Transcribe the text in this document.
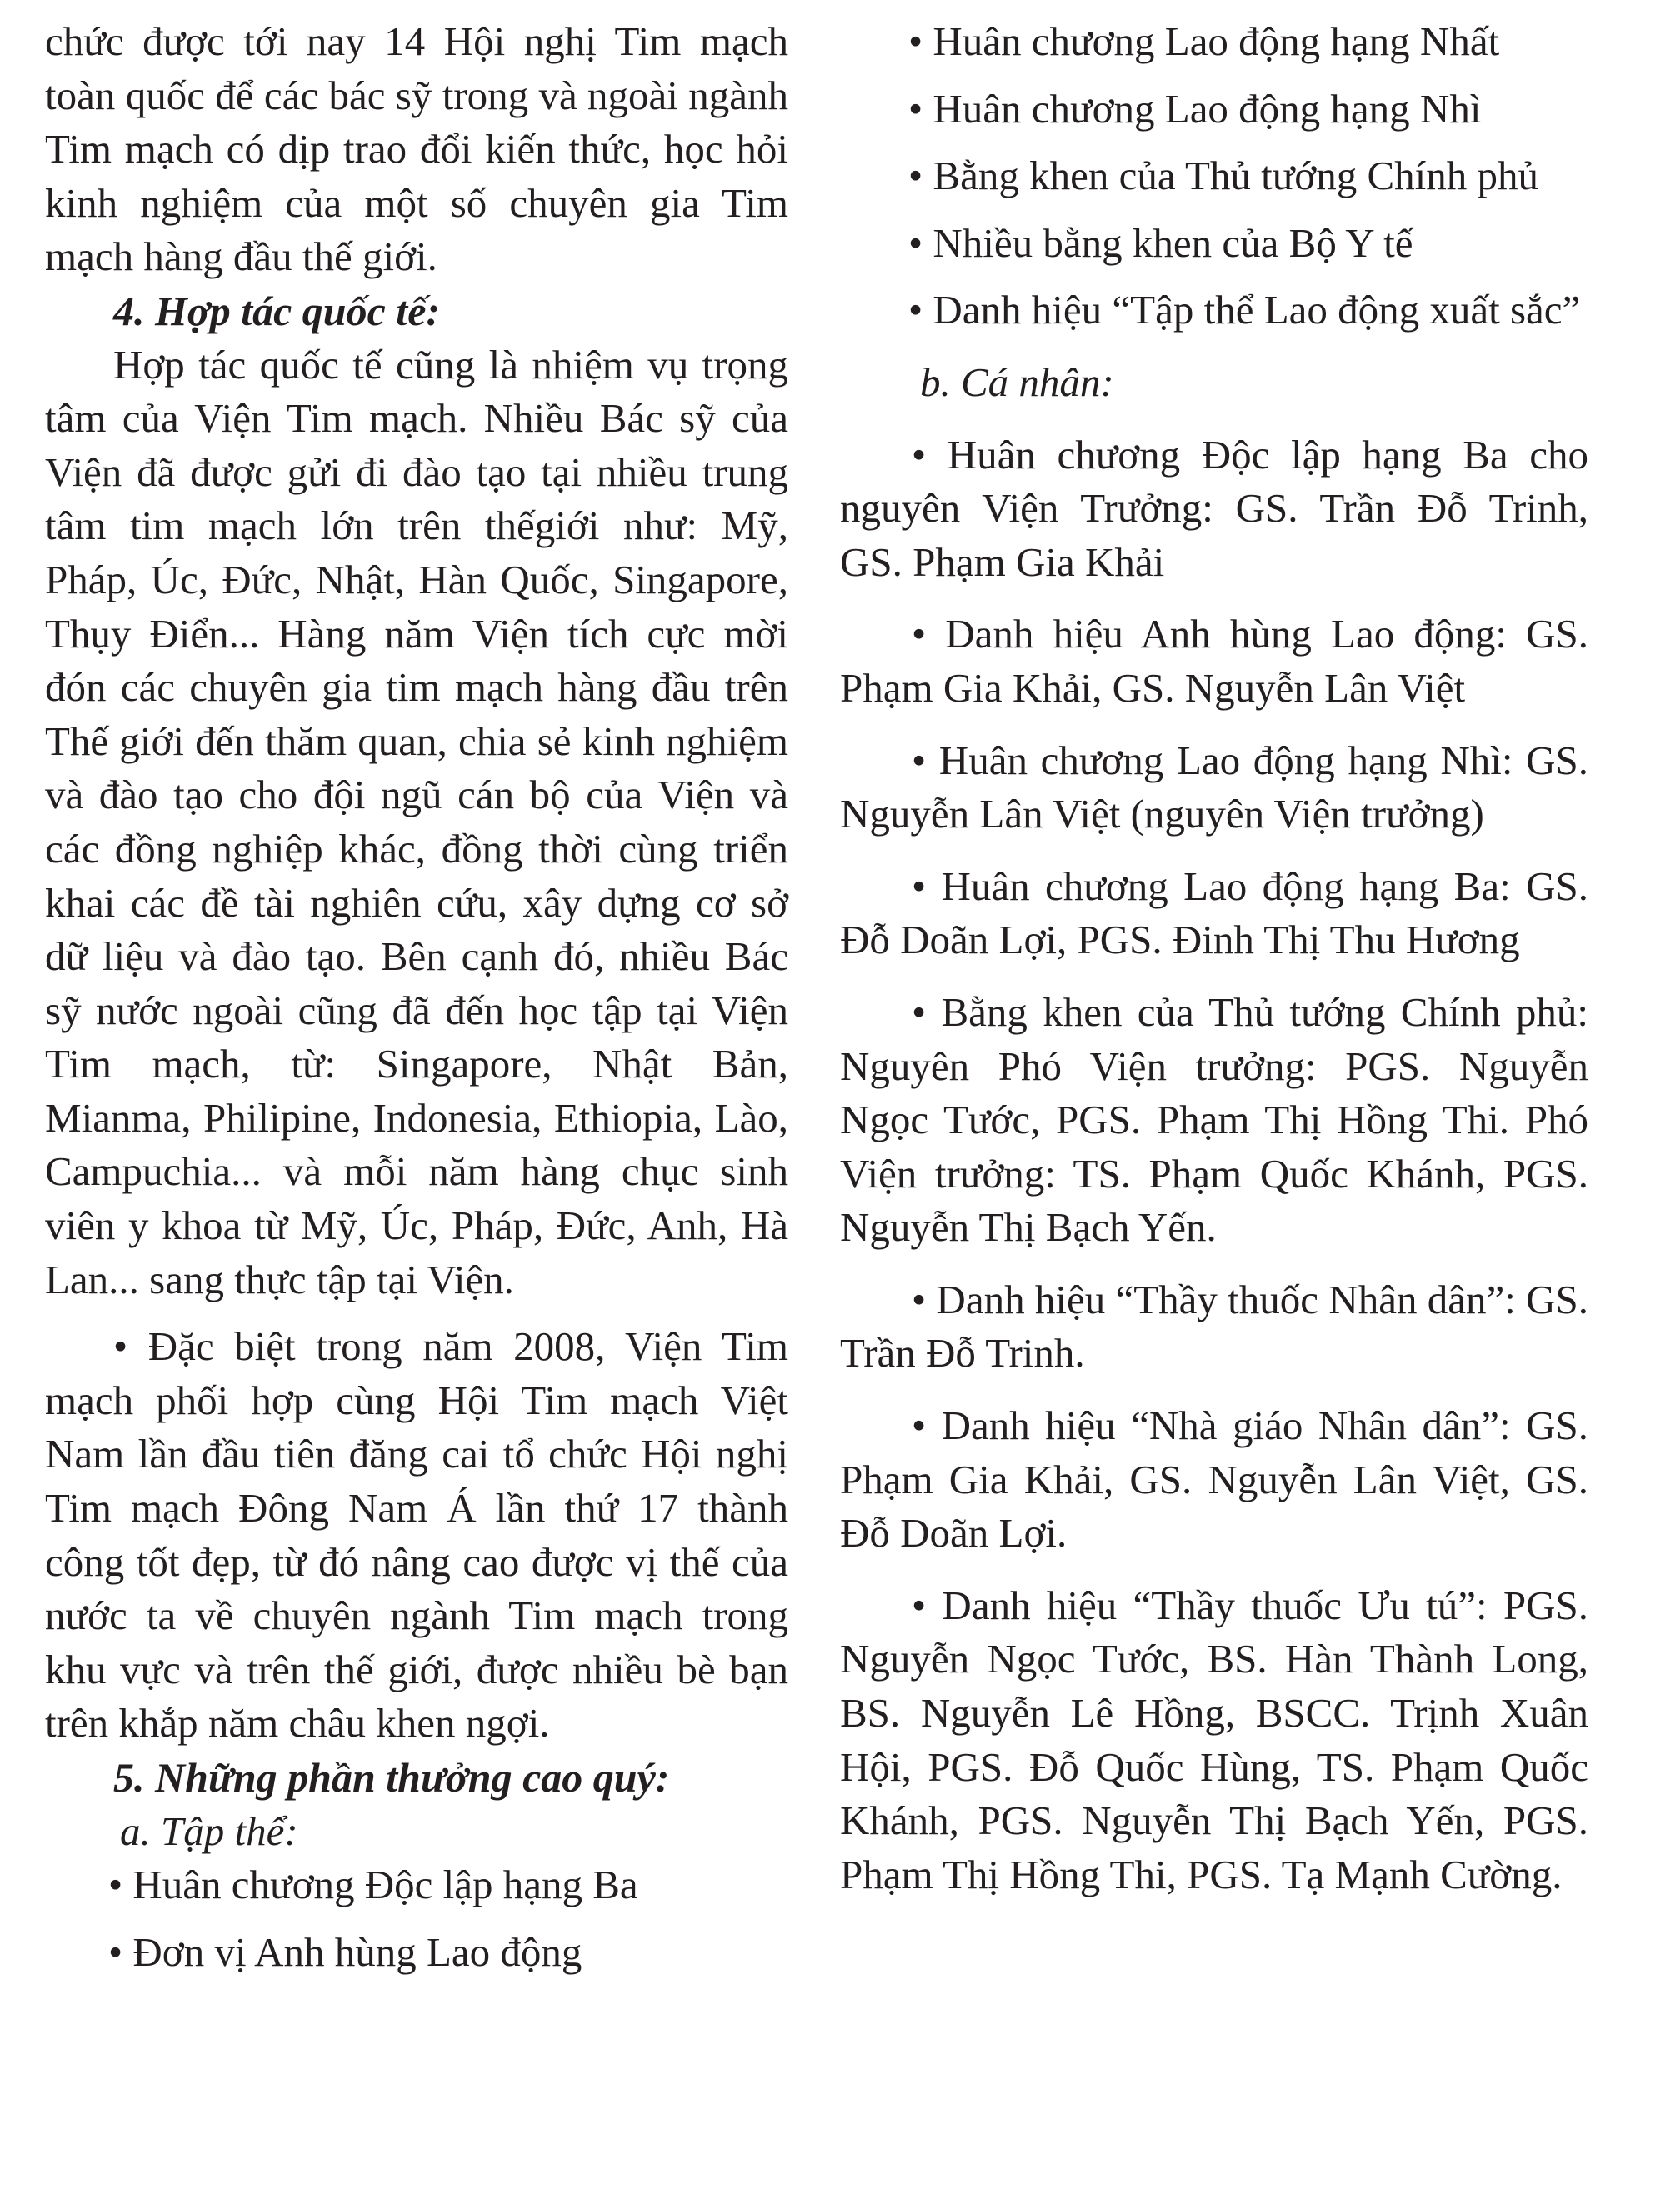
chức được tới nay 14 Hội nghị Tim mạch toàn quốc để các bác sỹ trong và ngoài ngành Tim mạch có dịp trao đổi kiến thức, học hỏi kinh nghiệm của một số chuyên gia Tim mạch hàng đầu thế giới.

4. Hợp tác quốc tế:

Hợp tác quốc tế cũng là nhiệm vụ trọng tâm của Viện Tim mạch. Nhiều Bác sỹ của Viện đã được gửi đi đào tạo tại nhiều trung tâm tim mạch lớn trên thếgiới như: Mỹ, Pháp, Úc, Đức, Nhật, Hàn Quốc, Singapore, Thụy Điển... Hàng năm Viện tích cực mời đón các chuyên gia tim mạch hàng đầu trên Thế giới đến thăm quan, chia sẻ kinh nghiệm và đào tạo cho đội ngũ cán bộ của Viện và các đồng nghiệp khác, đồng thời cùng triển khai các đề tài nghiên cứu, xây dựng cơ sở dữ liệu và đào tạo. Bên cạnh đó, nhiều Bác sỹ nước ngoài cũng đã đến học tập tại Viện Tim mạch, từ: Singapore, Nhật Bản, Mianma, Philipine, Indonesia, Ethiopia, Lào, Campuchia... và mỗi năm hàng chục sinh viên y khoa từ Mỹ, Úc, Pháp, Đức, Anh, Hà Lan... sang thực tập tại Viện.

• Đặc biệt trong năm 2008, Viện Tim mạch phối hợp cùng Hội Tim mạch Việt Nam lần đầu tiên đăng cai tổ chức Hội nghị Tim mạch Đông Nam Á lần thứ 17 thành công tốt đẹp, từ đó nâng cao được vị thế của nước ta về chuyên ngành Tim mạch trong khu vực và trên thế giới, được nhiều bè bạn trên khắp năm châu khen ngợi.

5. Những phần thưởng cao quý:

a. Tập thể:

• Huân chương Độc lập hạng Ba

• Đơn vị Anh hùng Lao động

• Huân chương Lao động hạng Nhất

• Huân chương Lao động hạng Nhì

• Bằng khen của Thủ tướng Chính phủ

• Nhiều bằng khen của Bộ Y tế

• Danh hiệu “Tập thể Lao động xuất sắc”

b. Cá nhân:

• Huân chương Độc lập hạng Ba cho nguyên Viện Trưởng: GS. Trần Đỗ Trinh, GS. Phạm Gia Khải

• Danh hiệu Anh hùng Lao động: GS. Phạm Gia Khải, GS. Nguyễn Lân Việt

• Huân chương Lao động hạng Nhì: GS. Nguyễn Lân Việt (nguyên Viện trưởng)

• Huân chương Lao động hạng Ba: GS. Đỗ Doãn Lợi, PGS. Đinh Thị Thu Hương

• Bằng khen của Thủ tướng Chính phủ: Nguyên Phó Viện trưởng: PGS. Nguyễn Ngọc Tước, PGS. Phạm Thị Hồng Thi. Phó Viện trưởng: TS. Phạm Quốc Khánh, PGS. Nguyễn Thị Bạch Yến.

• Danh hiệu “Thầy thuốc Nhân dân”: GS. Trần Đỗ Trinh.

• Danh hiệu “Nhà giáo Nhân dân”: GS. Phạm Gia Khải, GS. Nguyễn Lân Việt, GS. Đỗ Doãn Lợi.

• Danh hiệu “Thầy thuốc Ưu tú”: PGS. Nguyễn Ngọc Tước, BS. Hàn Thành Long, BS. Nguyễn Lê Hồng, BSCC. Trịnh Xuân Hội, PGS. Đỗ Quốc Hùng, TS. Phạm Quốc Khánh, PGS. Nguyễn Thị Bạch Yến, PGS. Phạm Thị Hồng Thi, PGS. Tạ Mạnh Cường.
